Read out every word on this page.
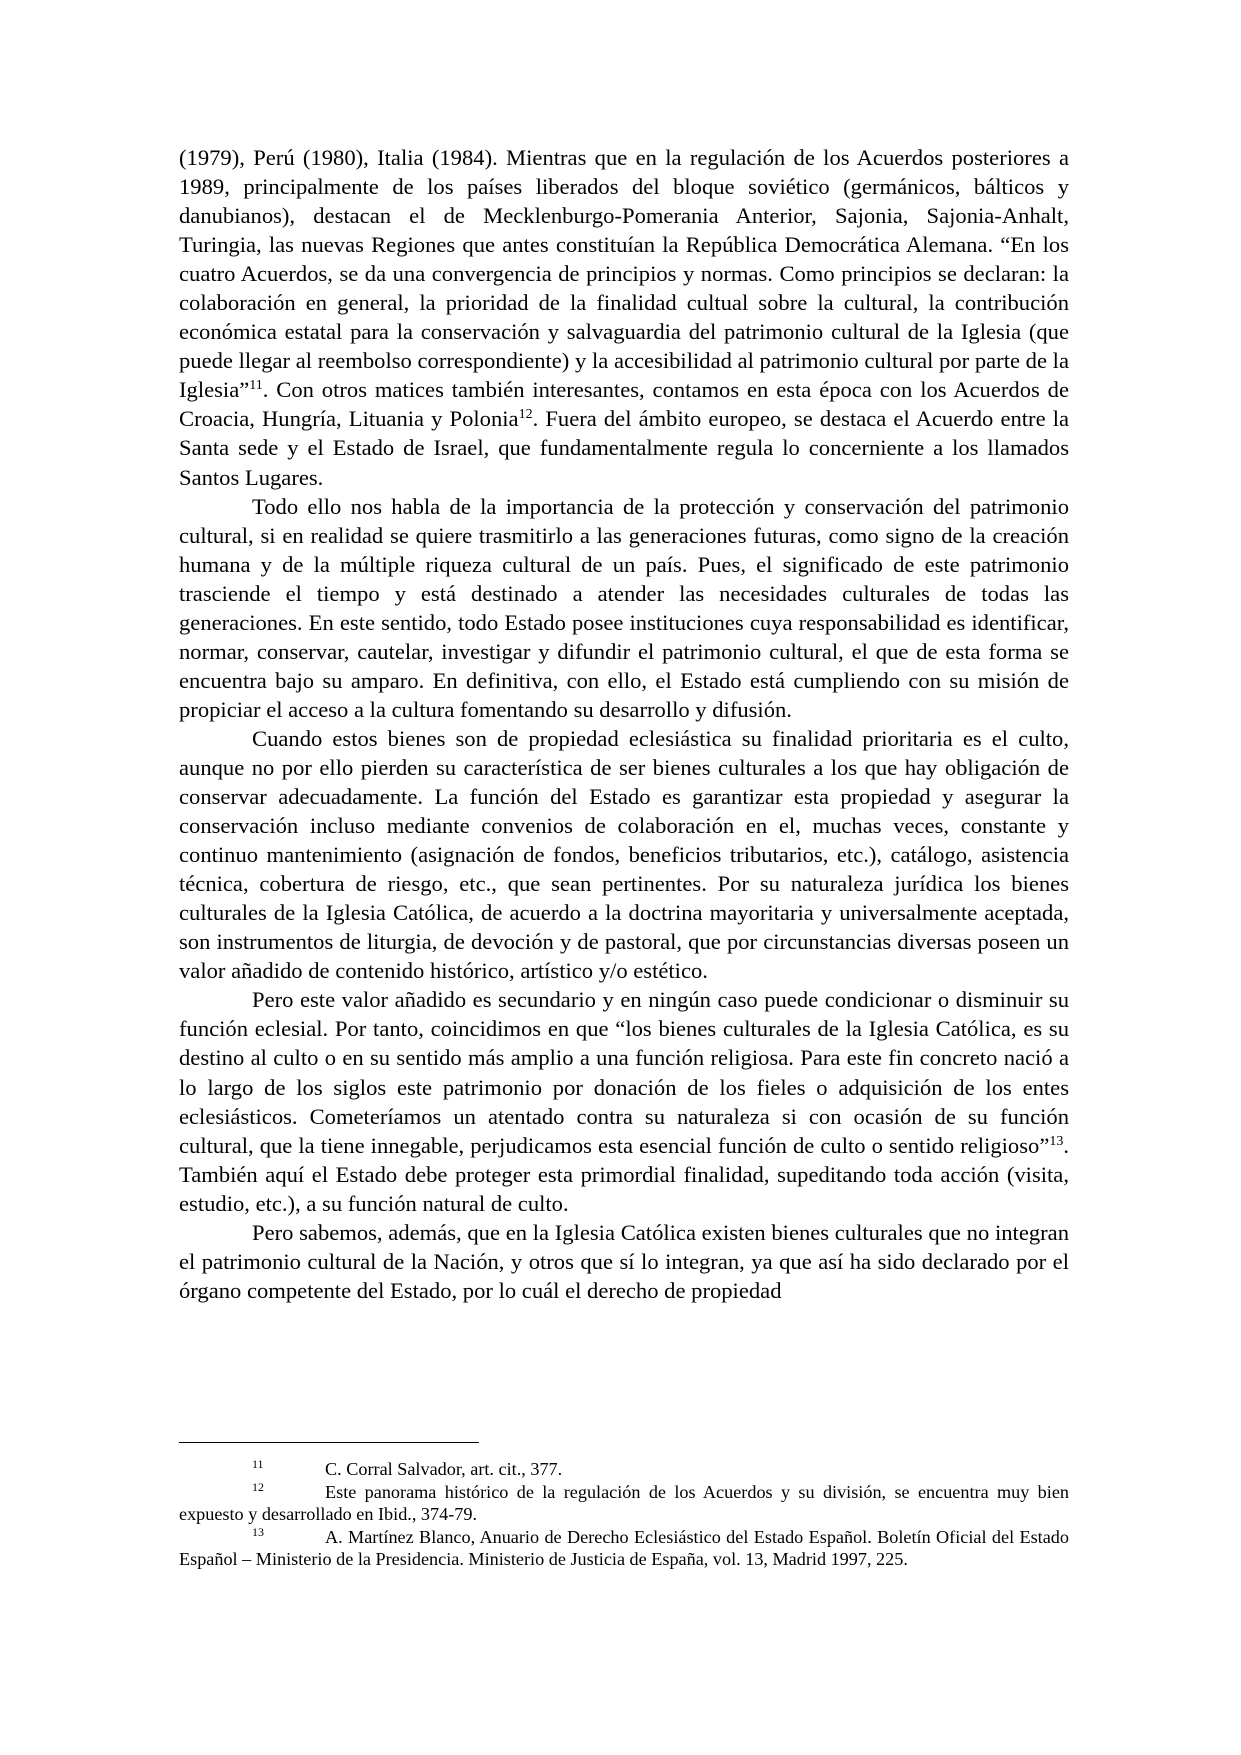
(1979), Perú (1980), Italia (1984). Mientras que en la regulación de los Acuerdos posteriores a 1989, principalmente de los países liberados del bloque soviético (germánicos, bálticos y danubianos), destacan el de Mecklenburgo-Pomerania Anterior, Sajonia, Sajonia-Anhalt, Turingia, las nuevas Regiones que antes constituían la República Democrática Alemana. “En los cuatro Acuerdos, se da una convergencia de principios y normas. Como principios se declaran: la colaboración en general, la prioridad de la finalidad cultual sobre la cultural, la contribución económica estatal para la conservación y salvaguardia del patrimonio cultural de la Iglesia (que puede llegar al reembolso correspondiente) y la accesibilidad al patrimonio cultural por parte de la Iglesia”$^{11}$. Con otros matices también interesantes, contamos en esta época con los Acuerdos de Croacia, Hungría, Lituania y Polonia$^{12}$. Fuera del ámbito europeo, se destaca el Acuerdo entre la Santa sede y el Estado de Israel, que fundamentalmente regula lo concerniente a los llamados Santos Lugares.

Todo ello nos habla de la importancia de la protección y conservación del patrimonio cultural, si en realidad se quiere trasmitirlo a las generaciones futuras, como signo de la creación humana y de la múltiple riqueza cultural de un país. Pues, el significado de este patrimonio trasciende el tiempo y está destinado a atender las necesidades culturales de todas las generaciones. En este sentido, todo Estado posee instituciones cuya responsabilidad es identificar, normar, conservar, cautelar, investigar y difundir el patrimonio cultural, el que de esta forma se encuentra bajo su amparo. En definitiva, con ello, el Estado está cumpliendo con su misión de propiciar el acceso a la cultura fomentando su desarrollo y difusión.

Cuando estos bienes son de propiedad eclesiástica su finalidad prioritaria es el culto, aunque no por ello pierden su característica de ser bienes culturales a los que hay obligación de conservar adecuadamente. La función del Estado es garantizar esta propiedad y asegurar la conservación incluso mediante convenios de colaboración en el, muchas veces, constante y continuo mantenimiento (asignación de fondos, beneficios tributarios, etc.), catálogo, asistencia técnica, cobertura de riesgo, etc., que sean pertinentes. Por su naturaleza jurídica los bienes culturales de la Iglesia Católica, de acuerdo a la doctrina mayoritaria y universalmente aceptada, son instrumentos de liturgia, de devoción y de pastoral, que por circunstancias diversas poseen un valor añadido de contenido histórico, artístico y/o estético.

Pero este valor añadido es secundario y en ningún caso puede condicionar o disminuir su función eclesial. Por tanto, coincidimos en que “los bienes culturales de la Iglesia Católica, es su destino al culto o en su sentido más amplio a una función religiosa. Para este fin concreto nació a lo largo de los siglos este patrimonio por donación de los fieles o adquisición de los entes eclesiásticos. Cometeríamos un atentado contra su naturaleza si con ocasión de su función cultural, que la tiene innegable, perjudicamos esta esencial función de culto o sentido religioso”$^{13}$. También aquí el Estado debe proteger esta primordial finalidad, supeditando toda acción (visita, estudio, etc.), a su función natural de culto.

Pero sabemos, además, que en la Iglesia Católica existen bienes culturales que no integran el patrimonio cultural de la Nación, y otros que sí lo integran, ya que así ha sido declarado por el órgano competente del Estado, por lo cuál el derecho de propiedad

11	C. Corral Salvador, art. cit., 377.

12	Este panorama histórico de la regulación de los Acuerdos y su división, se encuentra muy bien expuesto y desarrollado en Ibid., 374-79.

13	A. Martínez Blanco, Anuario de Derecho Eclesiástico del Estado Español. Boletín Oficial del Estado Español – Ministerio de la Presidencia. Ministerio de Justicia de España, vol. 13, Madrid 1997, 225.
